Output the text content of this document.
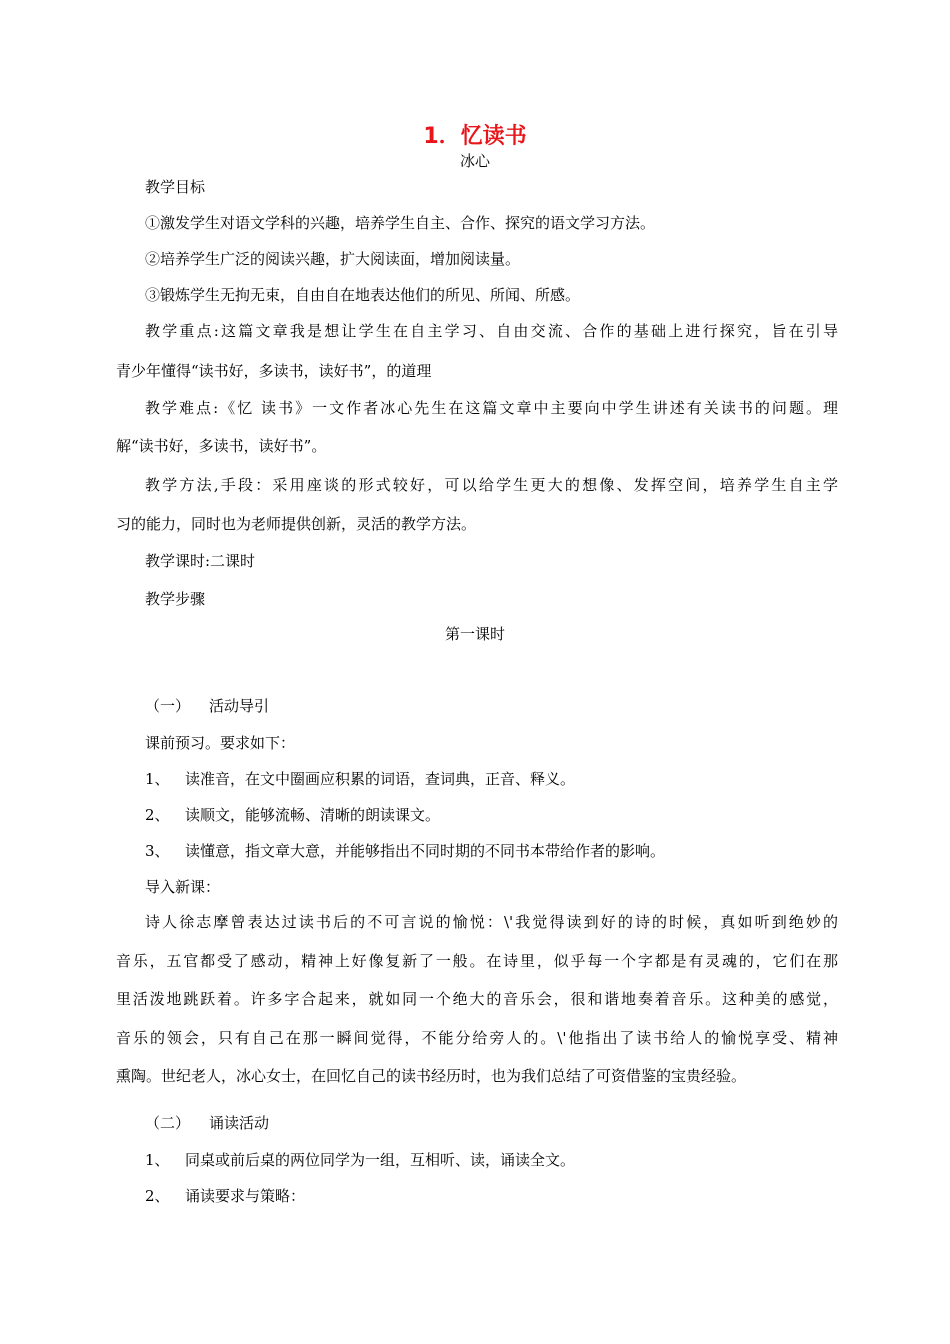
1．忆读书
冰心
教学目标
①激发学生对语文学科的兴趣，培养学生自主、合作、探究的语文学习方法。
②培养学生广泛的阅读兴趣，扩大阅读面，增加阅读量。
③锻炼学生无拘无束，自由自在地表达他们的所见、所闻、所感。
教学重点:这篇文章我是想让学生在自主学习、自由交流、合作的基础上进行探究，旨在引导
青少年懂得“读书好，多读书，读好书”，的道理
教学难点:《忆 读书》一文作者冰心先生在这篇文章中主要向中学生讲述有关读书的问题。理
解“读书好，多读书，读好书”。
教学方法,手段：采用座谈的形式较好，可以给学生更大的想像、发挥空间，培养学生自主学
习的能力，同时也为老师提供创新，灵活的教学方法。
教学课时:二课时
教学步骤
第一课时
（一） 活动导引
课前预习。要求如下：
1、 读准音，在文中圈画应积累的词语，查词典，正音、释义。
2、 读顺文，能够流畅、清晰的朗读课文。
3、 读懂意，指文章大意，并能够指出不同时期的不同书本带给作者的影响。
导入新课：
诗人徐志摩曾表达过读书后的不可言说的愉悦：\'我觉得读到好的诗的时候，真如听到绝妙的
音乐，五官都受了感动，精神上好像复新了一般。在诗里，似乎每一个字都是有灵魂的，它们在那
里活泼地跳跃着。许多字合起来，就如同一个绝大的音乐会，很和谐地奏着音乐。这种美的感觉，
音乐的领会，只有自己在那一瞬间觉得，不能分给旁人的。\'他指出了读书给人的愉悦享受、精神
熏陶。世纪老人，冰心女士，在回忆自己的读书经历时，也为我们总结了可资借鉴的宝贵经验。
（二） 诵读活动
1、 同桌或前后桌的两位同学为一组，互相听、读，诵读全文。
2、 诵读要求与策略：
